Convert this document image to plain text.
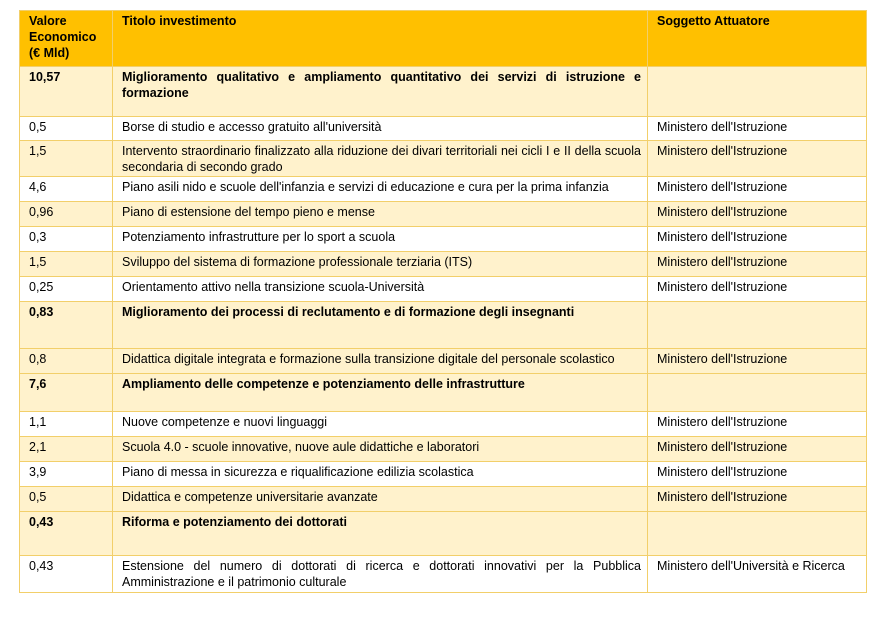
Valore
Economico
(€ Mld)	Titolo investimento	Soggetto Attuatore
10,57	Miglioramento qualitativo e ampliamento quantitativo dei servizi di istruzione e formazione	
0,5	Borse di studio e accesso gratuito all'università	Ministero dell'Istruzione
1,5	Intervento straordinario finalizzato alla riduzione dei divari territoriali nei cicli I e II della scuola secondaria di secondo grado	Ministero dell'Istruzione
4,6	Piano asili nido e scuole dell'infanzia e servizi di educazione e cura per la prima infanzia	Ministero dell'Istruzione
0,96	Piano di estensione del tempo pieno e mense	Ministero dell'Istruzione
0,3	Potenziamento infrastrutture per lo sport a scuola	Ministero dell'Istruzione
1,5	Sviluppo del sistema di formazione professionale terziaria (ITS)	Ministero dell'Istruzione
0,25	Orientamento attivo nella transizione scuola-Università	Ministero dell'Istruzione
0,83	Miglioramento dei processi di reclutamento e di formazione degli insegnanti	
0,8	Didattica digitale integrata e formazione sulla transizione digitale del personale scolastico	Ministero dell'Istruzione
7,6	Ampliamento delle competenze e potenziamento delle infrastrutture	
1,1	Nuove competenze e nuovi linguaggi	Ministero dell'Istruzione
2,1	Scuola 4.0 - scuole innovative, nuove aule didattiche e laboratori	Ministero dell'Istruzione
3,9	Piano di messa in sicurezza e riqualificazione edilizia scolastica	Ministero dell'Istruzione
0,5	Didattica e competenze universitarie avanzate	Ministero dell'Istruzione
0,43	Riforma e potenziamento dei dottorati	
0,43	Estensione del numero di dottorati di ricerca e dottorati innovativi per la Pubblica Amministrazione e il patrimonio culturale	Ministero dell'Università e Ricerca
